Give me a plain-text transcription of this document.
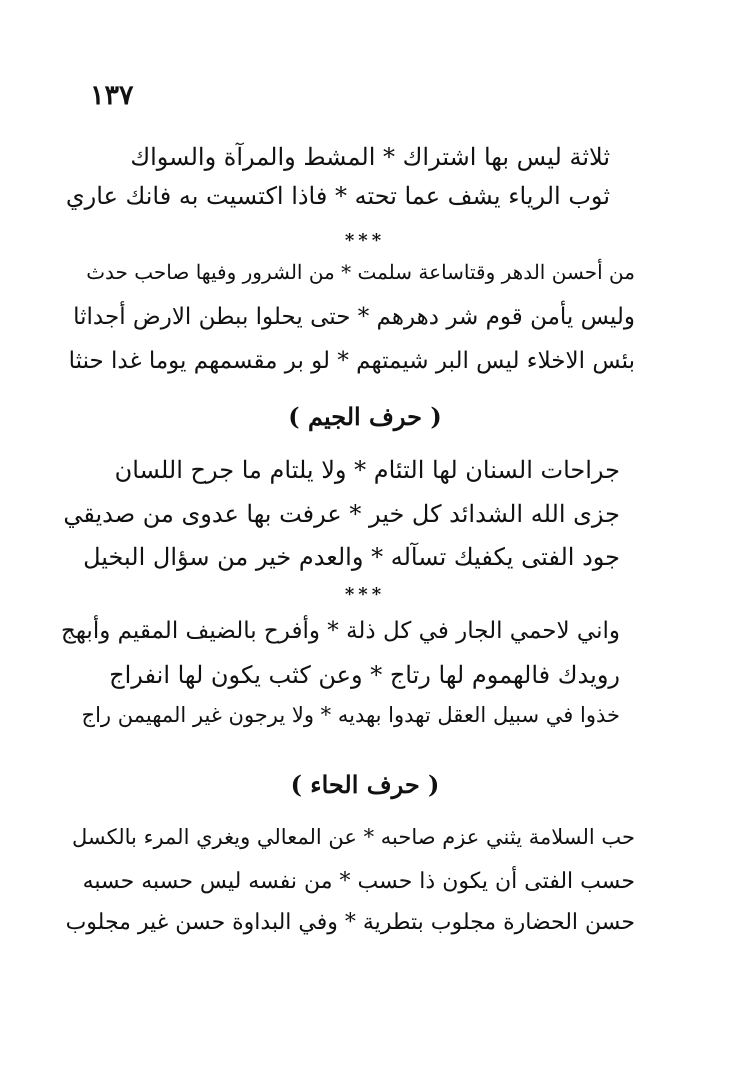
١٣٧
ثلاثة ليس بها اشتراك * المشط والمرآة والسواك
ثوب الرياء يشف عما تحته * فاذا اكتسيت به فانك عاري
***
من أحسن الدهر وقتاساعة سلمت * من الشرور وفيها صاحب حدث
وليس يأمن قوم شر دهرهم * حتى يحلوا ببطن الارض أجداثا
بئس الاخلاء ليس البر شيمتهم * لو بر مقسمهم يوما غدا حنثا
( حرف الجيم )
جراحات السنان لها التئام * ولا يلتام ما جرح اللسان
جزى الله الشدائد كل خير * عرفت بها عدوى من صديقي
جود الفتى يكفيك تسآله * والعدم خير من سؤال البخيل
***
واني لاحمي الجار في كل ذلة * وأفرح بالضيف المقيم وأبهج
رويدك فالهموم لها رتاج * وعن كثب يكون لها انفراج
خذوا في سبيل العقل تهدوا بهديه * ولا يرجون غير المهيمن راج
( حرف الحاء )
حب السلامة يثني عزم صاحبه * عن المعالي ويغري المرء بالكسل
حسب الفتى أن يكون ذا حسب * من نفسه ليس حسبه حسبه
حسن الحضارة مجلوب بتطرية * وفي البداوة حسن غير مجلوب
